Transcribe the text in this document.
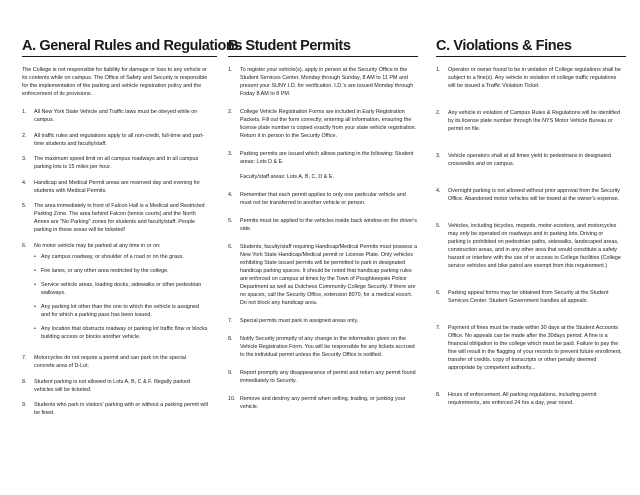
A. General Rules and Regulations

The College is not responsible for liability for damage or loss to any vehicle or its contents while on campus. The Office of Safety and Security is responsible for the implementation of the parking and vehicle registration policy and the enforcement of its provisions.

1.	All New York State Vehicle and Traffic laws must be obeyed while on campus.
2.	All traffic rules and regulations apply to all non-credit, full-time and part-time students and faculty/staff.
3.	The maximum speed limit on all campus roadways and in all campus parking lots is 15 miles per hour.
4.	Handicap and Medical Permit areas are reserved day and evening for students with Medical Permits.
5.	The area immediately in front of Falcon Hall is a Medical and Restricted Parking Zone. The area behind Falcon (tennis courts) and the North Annex are "No Parking" zones for students and faculty/staff. People parking in these areas will be ticketed!
6.	No motor vehicle may be parked at any time in or on:
• Any campus roadway, or shoulder of a road or on the grass.
• Fire lanes, or any other area restricted by the college.
• Service vehicle areas, loading docks, sidewalks or other pedestrian walkways.
• Any parking lot other than the one to which the vehicle is assigned and for which a parking pass has been issued.
• Any location that obstructs roadway or parking lot traffic flow or blocks building access or blocks another vehicle.
7.	Motorcycles do not require a permit and can park on the special concrete area of D-Lot.
8.	Student parking is not allowed in Lots A, B, C & F. Illegally parked vehicles will be ticketed.
9.	Students who park in visitors' parking with or without a parking permit will be fined.
B. Student Permits
1.	To register your vehicle(s), apply in person at the Security Office in the Student Services Center, Monday through Sunday, 8 AM to 11 PM and present your SUNY I.D. for verification. I.D.'s are issued Monday through Friday 8 AM to 8 PM.
2.	College Vehicle Registration Forms are included in Early Registration Packets. Fill out the form correctly; entering all information, ensuring the license plate number is copied exactly from your state vehicle registration. Return it in person to the Security Office.
3.	Parking permits are issued which allows parking in the following: Student areas: Lots D & E.
Faculty/staff areas: Lots A, B, C, D & E.
4.	Remember that each permit applies to only one particular vehicle and must not be transferred to another vehicle or person.
5.	Permits must be applied to the vehicles inside back window on the driver's side.
6.	Students, faculty/staff requiring Handicap/Medical Permits must possess a New York State Handicap/Medical permit or License Plate. Only vehicles exhibiting State issued permits will be permitted to park in designated handicap parking spaces. It should be noted that handicap parking rules are enforced on campus at times by the Town of Poughkeepsie Police Department as well as Dutchess Community College Security. If there are no spaces, call the Security Office, extension 8070, for a medical escort. Do not block any handicap area.
7.	Special permits must park in assigned areas only.
8.	Notify Security promptly of any change in the information given on the Vehicle Registration Form. You will be responsible for any tickets accrued to the individual permit unless the Security Office is notified.
9.	Report promptly any disappearance of permit and return any permit found immediately to Security.
10. Remove and destroy any permit when selling, trading, or junking your vehicle.
C. Violations & Fines
1.	Operator or owner found to be in violation of College regulations shall be subject to a fine(s). Any vehicle in violation of college traffic regulations will be issued a Traffic Violation Ticket.
2.	Any vehicle in violation of Campus Rules & Regulations will be identified by its license plate number through the NYS Motor Vehicle Bureau or permit on file.
3.	Vehicle operators shall at all times yield to pedestrians in designated crosswalks and on campus.
4.	Overnight parking is not allowed without prior approval from the Security Office. Abandoned motor vehicles will be towed at the owner's expense.
5.	Vehicles, including bicycles, mopeds, motor-scooters, and motorcycles may only be operated on roadways and in parking lots. Driving or parking is prohibited on pedestrian paths, sidewalks, landscaped areas, construction areas, and in any other area that would constitute a safety hazard or interfere with the use of or access to College facilities (College service vehicles and bike patrol are exempt from this requirement.)
6.	Parking appeal forms may be obtained from Security at the Student Services Center. Student Government handles all appeals.
7.	Payment of fines must be made within 30 days at the Student Accounts Office. No appeals can be made after the 30days period. A fine is a financial obligation to the college which must be paid. Failure to pay the fine will result in the flagging of your records to prevent future enrollment, transfer of credits, copy of transcripts or other penalty deemed appropriate by competent authority...
8.	Hours of enforcement. All parking regulations, including permit requirements, are enforced 24 hrs a day, year round.
